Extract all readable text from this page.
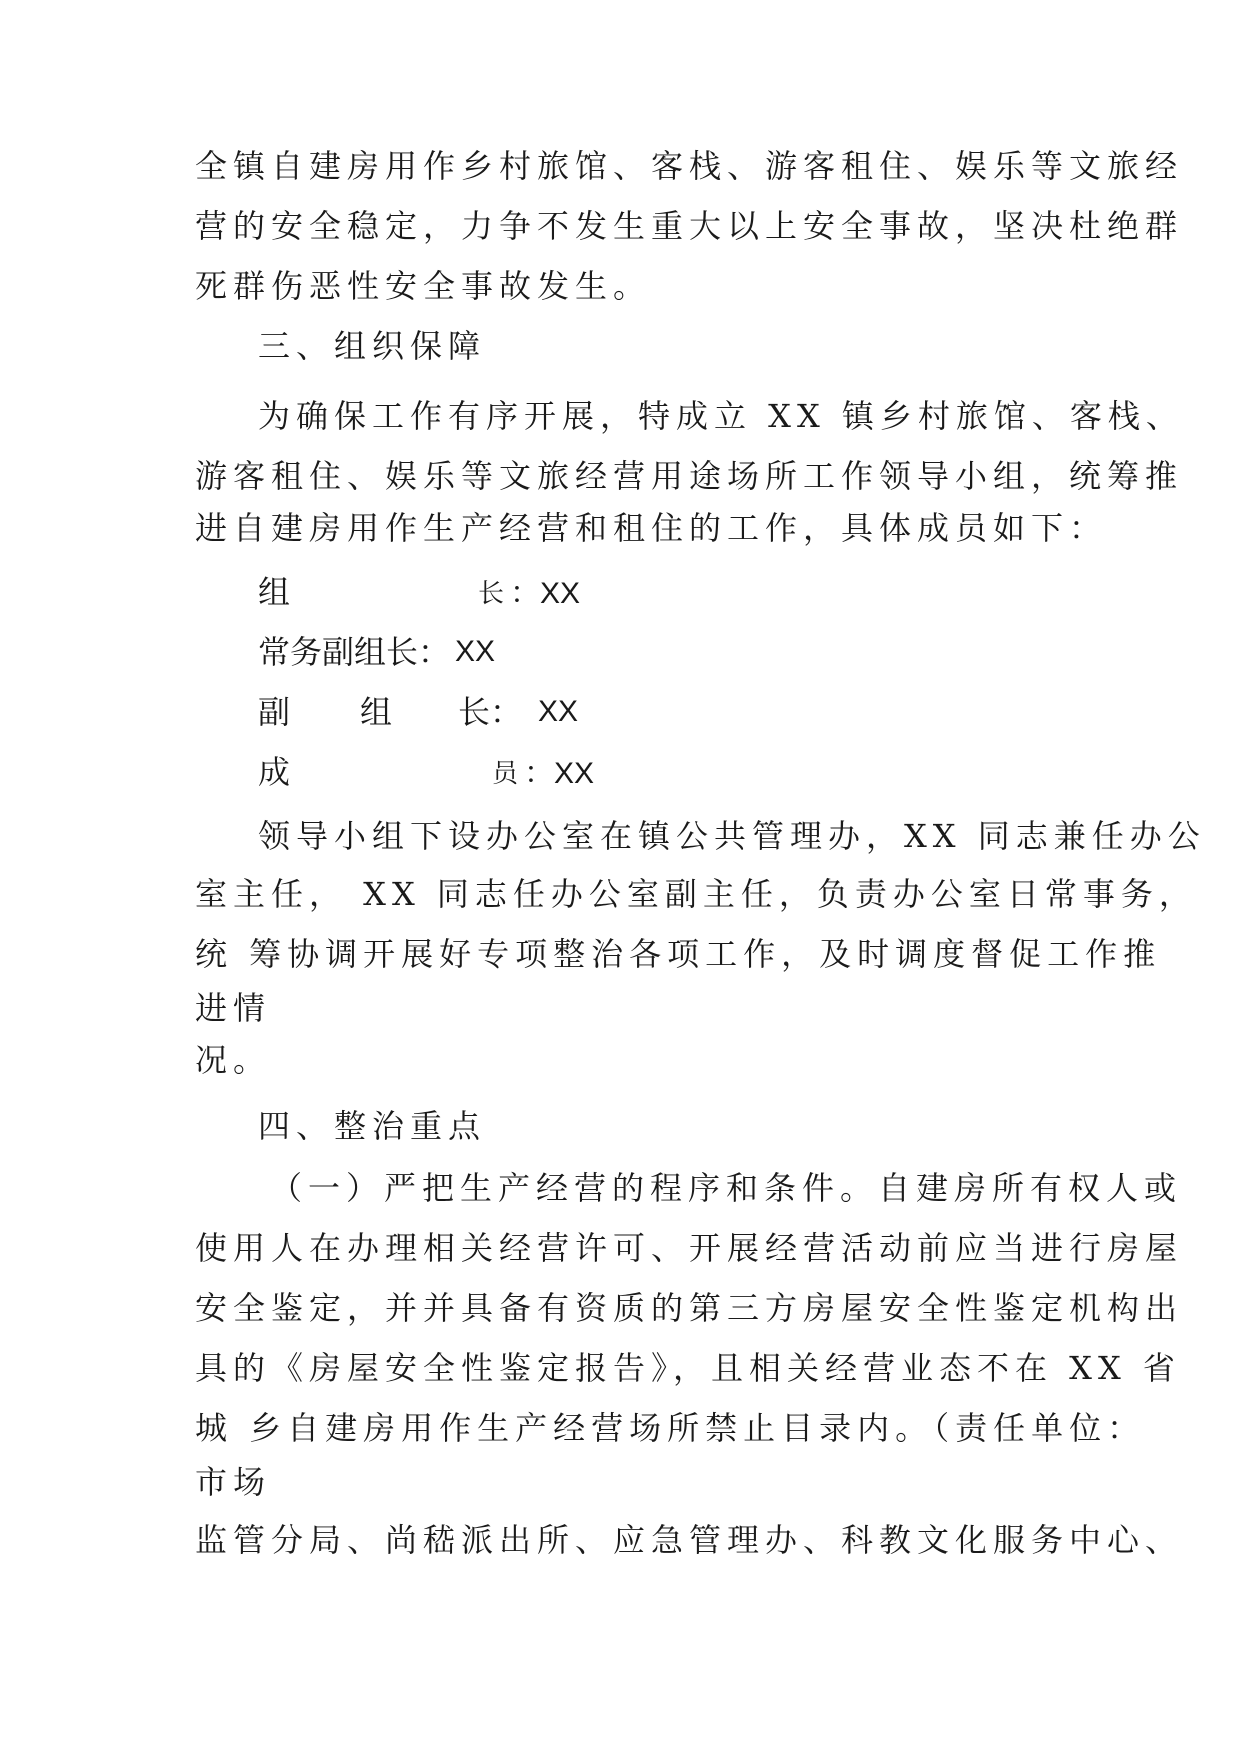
全镇自建房用作乡村旅馆、客栈、游客租住、娱乐等文旅经
营的安全稳定，力争不发生重大以上安全事故，坚决杜绝群
死群伤恶性安全事故发生。
三、组织保障
为确保工作有序开展，特成立 XX 镇乡村旅馆、客栈、
游客租住、娱乐等文旅经营用途场所工作领导小组，统筹推
进自建房用作生产经营和租住的工作，具体成员如下：
组	长 ：XX
常务副组长： XX
副 组 长： XX
成	员 ：XX
领导小组下设办公室在镇公共管理办，XX 同志兼任办公
室主任， XX 同志任办公室副主任，负责办公室日常事务，
统 筹协调开展好专项整治各项工作，及时调度督促工作推
进情
况。
四、整治重点
（一）严把生产经营的程序和条件。自建房所有权人或
使用人在办理相关经营许可、开展经营活动前应当进行房屋
安全鉴定，并并具备有资质的第三方房屋安全性鉴定机构出
具的《房屋安全性鉴定报告》，且相关经营业态不在 XX 省
城 乡自建房用作生产经营场所禁止目录内。（责任单位：
市场
监管分局、尚嵇派出所、应急管理办、科教文化服务中心、
